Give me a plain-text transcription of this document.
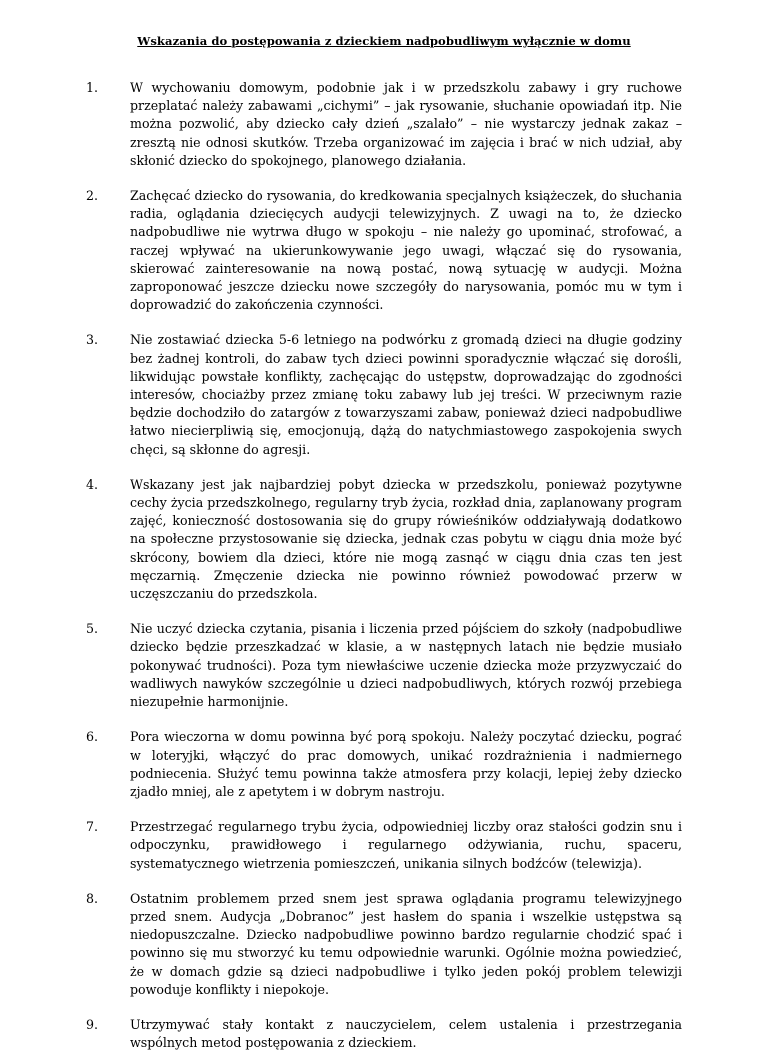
Wskazania do postępowania z dzieckiem nadpobudliwym wyłącznie w domu
1.	W wychowaniu domowym, podobnie jak i w przedszkolu zabawy i gry ruchowe przeplatać należy zabawami „cichymi” – jak rysowanie, słuchanie opowiadań itp. Nie można pozwolić, aby dziecko cały dzień „szalało” – nie wystarczy jednak zakaz – zresztą nie odnosi skutków. Trzeba organizować im zajęcia i brać w nich udział, aby skłonić dziecko do spokojnego, planowego działania.
2.	Zachęcać dziecko do rysowania, do kredkowania specjalnych książeczek, do słuchania radia, oglądania dziecięcych audycji telewizyjnych. Z uwagi na to, że dziecko nadpobudliwe nie wytrwa długo w spokoju – nie należy go upominać, strofować, a raczej wpływać na ukierunkowywanie jego uwagi, włączać się do rysowania, skierować zainteresowanie na nową postać, nową sytuację w audycji. Można zaproponować jeszcze dziecku nowe szczegóły do narysowania, pomóc mu w tym i doprowadzić do zakończenia czynności.
3.	Nie zostawiać dziecka 5-6 letniego na podwórku z gromadą dzieci na długie godziny bez żadnej kontroli, do zabaw tych dzieci powinni sporadycznie włączać się dorośli, likwidując powstałe konflikty, zachęcając do ustępstw, doprowadzając do zgodności interesów, chociażby przez zmianę toku zabawy lub jej treści. W przeciwnym razie będzie dochodziło do zatargów z towarzyszami zabaw, ponieważ dzieci nadpobudliwe łatwo niecierpliwią się, emocjonują, dążą do natychmiastowego zaspokojenia swych chęci, są skłonne do agresji.
4.	Wskazany jest jak najbardziej pobyt dziecka w przedszkolu, ponieważ pozytywne cechy życia przedszkolnego, regularny tryb życia, rozkład dnia, zaplanowany program zajęć, konieczność dostosowania się do grupy rówieśników oddziaływają dodatkowo na społeczne przystosowanie się dziecka, jednak czas pobytu w ciągu dnia może być skrócony, bowiem dla dzieci, które nie mogą zasnąć w ciągu dnia czas ten jest męczarnią. Zmęczenie dziecka nie powinno również powodować przerw w uczęszczaniu do przedszkola.
5.	Nie uczyć dziecka czytania, pisania i liczenia przed pójściem do szkoły (nadpobudliwe dziecko będzie przeszkadzać w klasie, a w następnych latach nie będzie musiało pokonywać trudności). Poza tym niewłaściwe uczenie dziecka może przyzwyczaić do wadliwych nawyków szczególnie u dzieci nadpobudliwych, których rozwój przebiega niezupełnie harmonijnie.
6.	Pora wieczorna w domu powinna być porą spokoju. Należy poczytać dziecku, pograć w loteryjki, włączyć do prac domowych, unikać rozdrażnienia i nadmiernego podniecenia. Służyć temu powinna także atmosfera przy kolacji, lepiej żeby dziecko zjadło mniej, ale z apetytem i w dobrym nastroju.
7.	Przestrzegać regularnego trybu życia, odpowiedniej liczby oraz stałości godzin snu i odpoczynku, prawidłowego i regularnego odżywiania, ruchu, spaceru, systematycznego wietrzenia pomieszczeń, unikania silnych bodźców (telewizja).
8.	Ostatnim problemem przed snem jest sprawa oglądania programu telewizyjnego przed snem. Audycja „Dobranoc” jest hasłem do spania i wszelkie ustępstwa są niedopuszczalne. Dziecko nadpobudliwe powinno bardzo regularnie chodzić spać i powinno się mu stworzyć ku temu odpowiednie warunki. Ogólnie można powiedzieć, że w domach gdzie są dzieci nadpobudliwe i tylko jeden pokój problem telewizji powoduje konflikty i niepokoje.
9.	Utrzymywać stały kontakt z nauczycielem, celem ustalenia i przestrzegania wspólnych metod postępowania z dzieckiem.
